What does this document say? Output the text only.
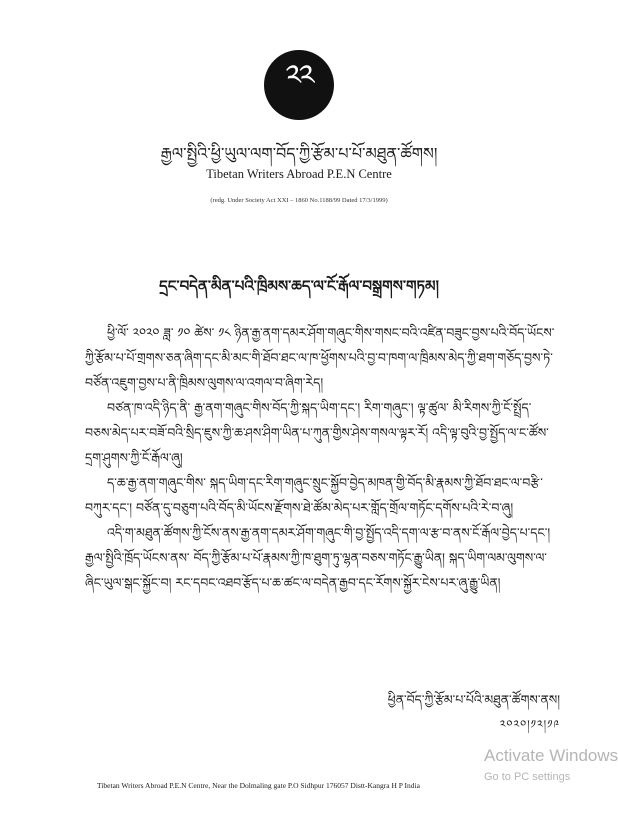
༢༢
རྒྱལ་སྤྱིའི་ཕྱི་ཡུལ་ལག་བོད་ཀྱི་རྩོམ་པ་པོ་མཐུན་ཚོགས།
Tibetan Writers Abroad P.E.N Centre
(redg. Under Society Act XXI – 1860 No.1188/99 Dated 17/3/1999)
དྲང་བདེན་མིན་པའི་ཁྲིམས་ཆད་ལ་ངོ་རྒོལ་བསྒྲགས་གཏམ།

ཕྱི་ལོ་ ༢༠༢༠ ཟླ་ ༡༠ ཚེས་ ༡༨ ཉིན་རྒྱ་ནག་དམར་ཤོག་གཞུང་གིས་གསང་བའི་འཛིན་བཟུང་བྱས་པའི་བོད་ཡོངས་ཀྱི་རྩོམ་པ་པོ་གྲགས་ཅན་ཞིག་དང་མི་མང་གི་ཐོབ་ཐང་ལ་ཁ་ཕྱོགས་པའི་བྱ་བ་ཁག་ལ་ཁྲིམས་མེད་ཀྱི་ཐག་གཅོད་བྱས་ཏེ་བཙོན་འཇུག་བྱས་པ་ནི་ཁྲིམས་ལུགས་ལ་འགལ་བ་ཞིག་རེད།

བཙན་ཁ་འདི་ཉིད་ནི་ རྒྱ་ནག་གཞུང་གིས་བོད་ཀྱི་སྐད་ཡིག་དང་། རིག་གཞུང་། ལྟ་ཚུལ་ མི་རིགས་ཀྱི་ངོ་སྤྲོད་བཅས་མེད་པར་བཟོ་བའི་སྲིད་ཇུས་ཀྱི་ཆ་ཤས་ཤིག་ཡིན་པ་ཀུན་གྱིས་ཤེས་གསལ་ལྟར་རོ། འདི་ལྟ་བུའི་བྱ་སྤྱོད་ལ་ང་ཚོས་དྲག་ཤུགས་ཀྱི་ངོ་རྒོལ་ཞུ།

ད་ཆ་རྒྱ་ནག་གཞུང་གིས་ སྐད་ཡིག་དང་རིག་གཞུང་སྲུང་སྐྱོབ་བྱེད་མཁན་གྱི་བོད་མི་རྣམས་ཀྱི་ཐོབ་ཐང་ལ་བརྩི་བཀུར་དང་། བཙོན་དུ་བཅུག་པའི་བོད་མི་ཡོངས་རྫོགས་ཐེ་ཚོམ་མེད་པར་གློད་གྲོལ་གཏོང་དགོས་པའི་རེ་བ་ཞུ།

འདི་ག་མཐུན་ཚོགས་ཀྱི་ངོས་ནས་རྒྱ་ནག་དམར་ཤོག་གཞུང་གི་བྱ་སྤྱོད་འདི་དག་ལ་རྩ་བ་ནས་ངོ་རྒོལ་བྱེད་པ་དང་། རྒྱལ་སྤྱིའི་ཁྲོད་ཡོངས་ནས་ བོད་ཀྱི་རྩོམ་པ་པོ་རྣམས་ཀྱི་ཁ་ཐུག་ཏུ་ལྷན་བཅས་གཏོང་རྒྱུ་ཡིན། སྐད་ཡིག་ལམ་ལུགས་ལ་ཞིང་ཡུལ་སྒང་སྐྱོང་བ། རང་དབང་འཐབ་རྩོད་པ་ཆ་ཚང་ལ་བདེན་རྒྱབ་དང་རོགས་སྐྱོར་ངེས་པར་ཞུ་རྒྱུ་ཡིན།

ཕྱིན་བོད་ཀྱི་རྩོམ་པ་པོའི་མཐུན་ཚོགས་ནས།
༢༠༢༠།༡༢།༡༩
Activate Windows
Go to PC settings
Tibetan Writers Abroad P.E.N Centre, Near the Dolmaling gate P.O Sidhpur 176057 Distt-Kangra H P India
